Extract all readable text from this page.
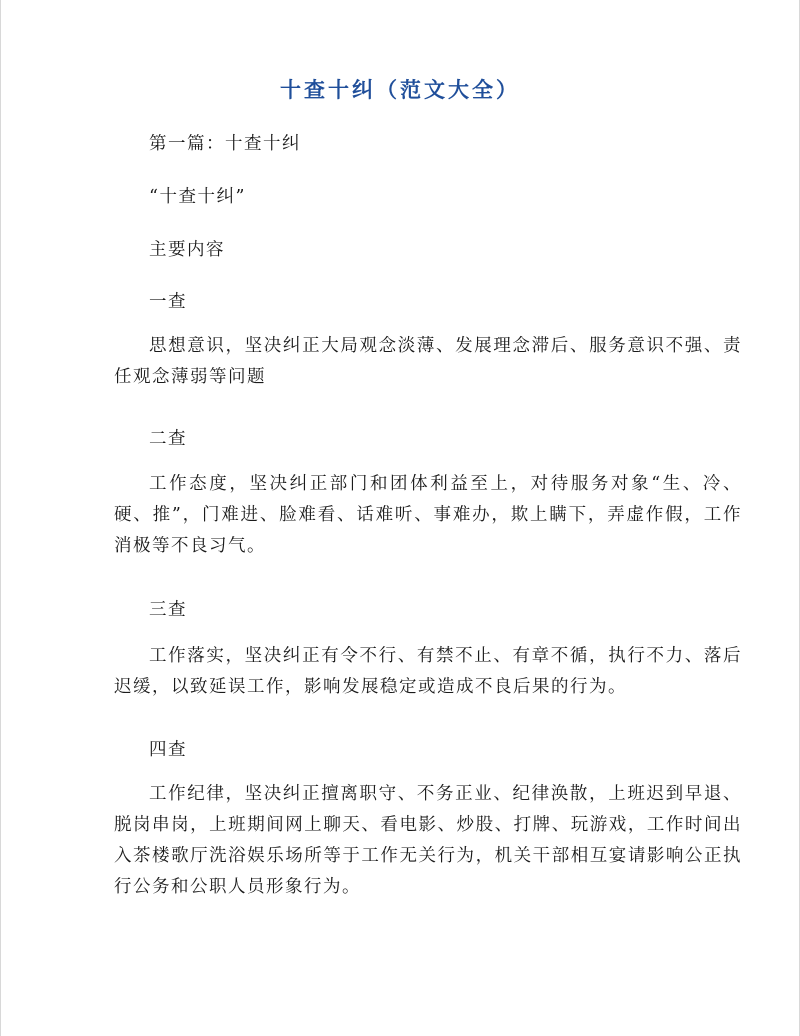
十查十纠（范文大全）
第一篇：十查十纠
“十查十纠”
主要内容
一查
思想意识，坚决纠正大局观念淡薄、发展理念滞后、服务意识不强、责任观念薄弱等问题
二查
工作态度，坚决纠正部门和团体利益至上，对待服务对象“生、冷、硬、推”，门难进、脸难看、话难听、事难办，欺上瞒下，弄虚作假，工作消极等不良习气。
三查
工作落实，坚决纠正有令不行、有禁不止、有章不循，执行不力、落后迟缓，以致延误工作，影响发展稳定或造成不良后果的行为。
四查
工作纪律，坚决纠正擅离职守、不务正业、纪律涣散，上班迟到早退、脱岗串岗，上班期间网上聊天、看电影、炒股、打牌、玩游戏，工作时间出入茶楼歌厅洗浴娱乐场所等于工作无关行为，机关干部相互宴请影响公正执行公务和公职人员形象行为。
